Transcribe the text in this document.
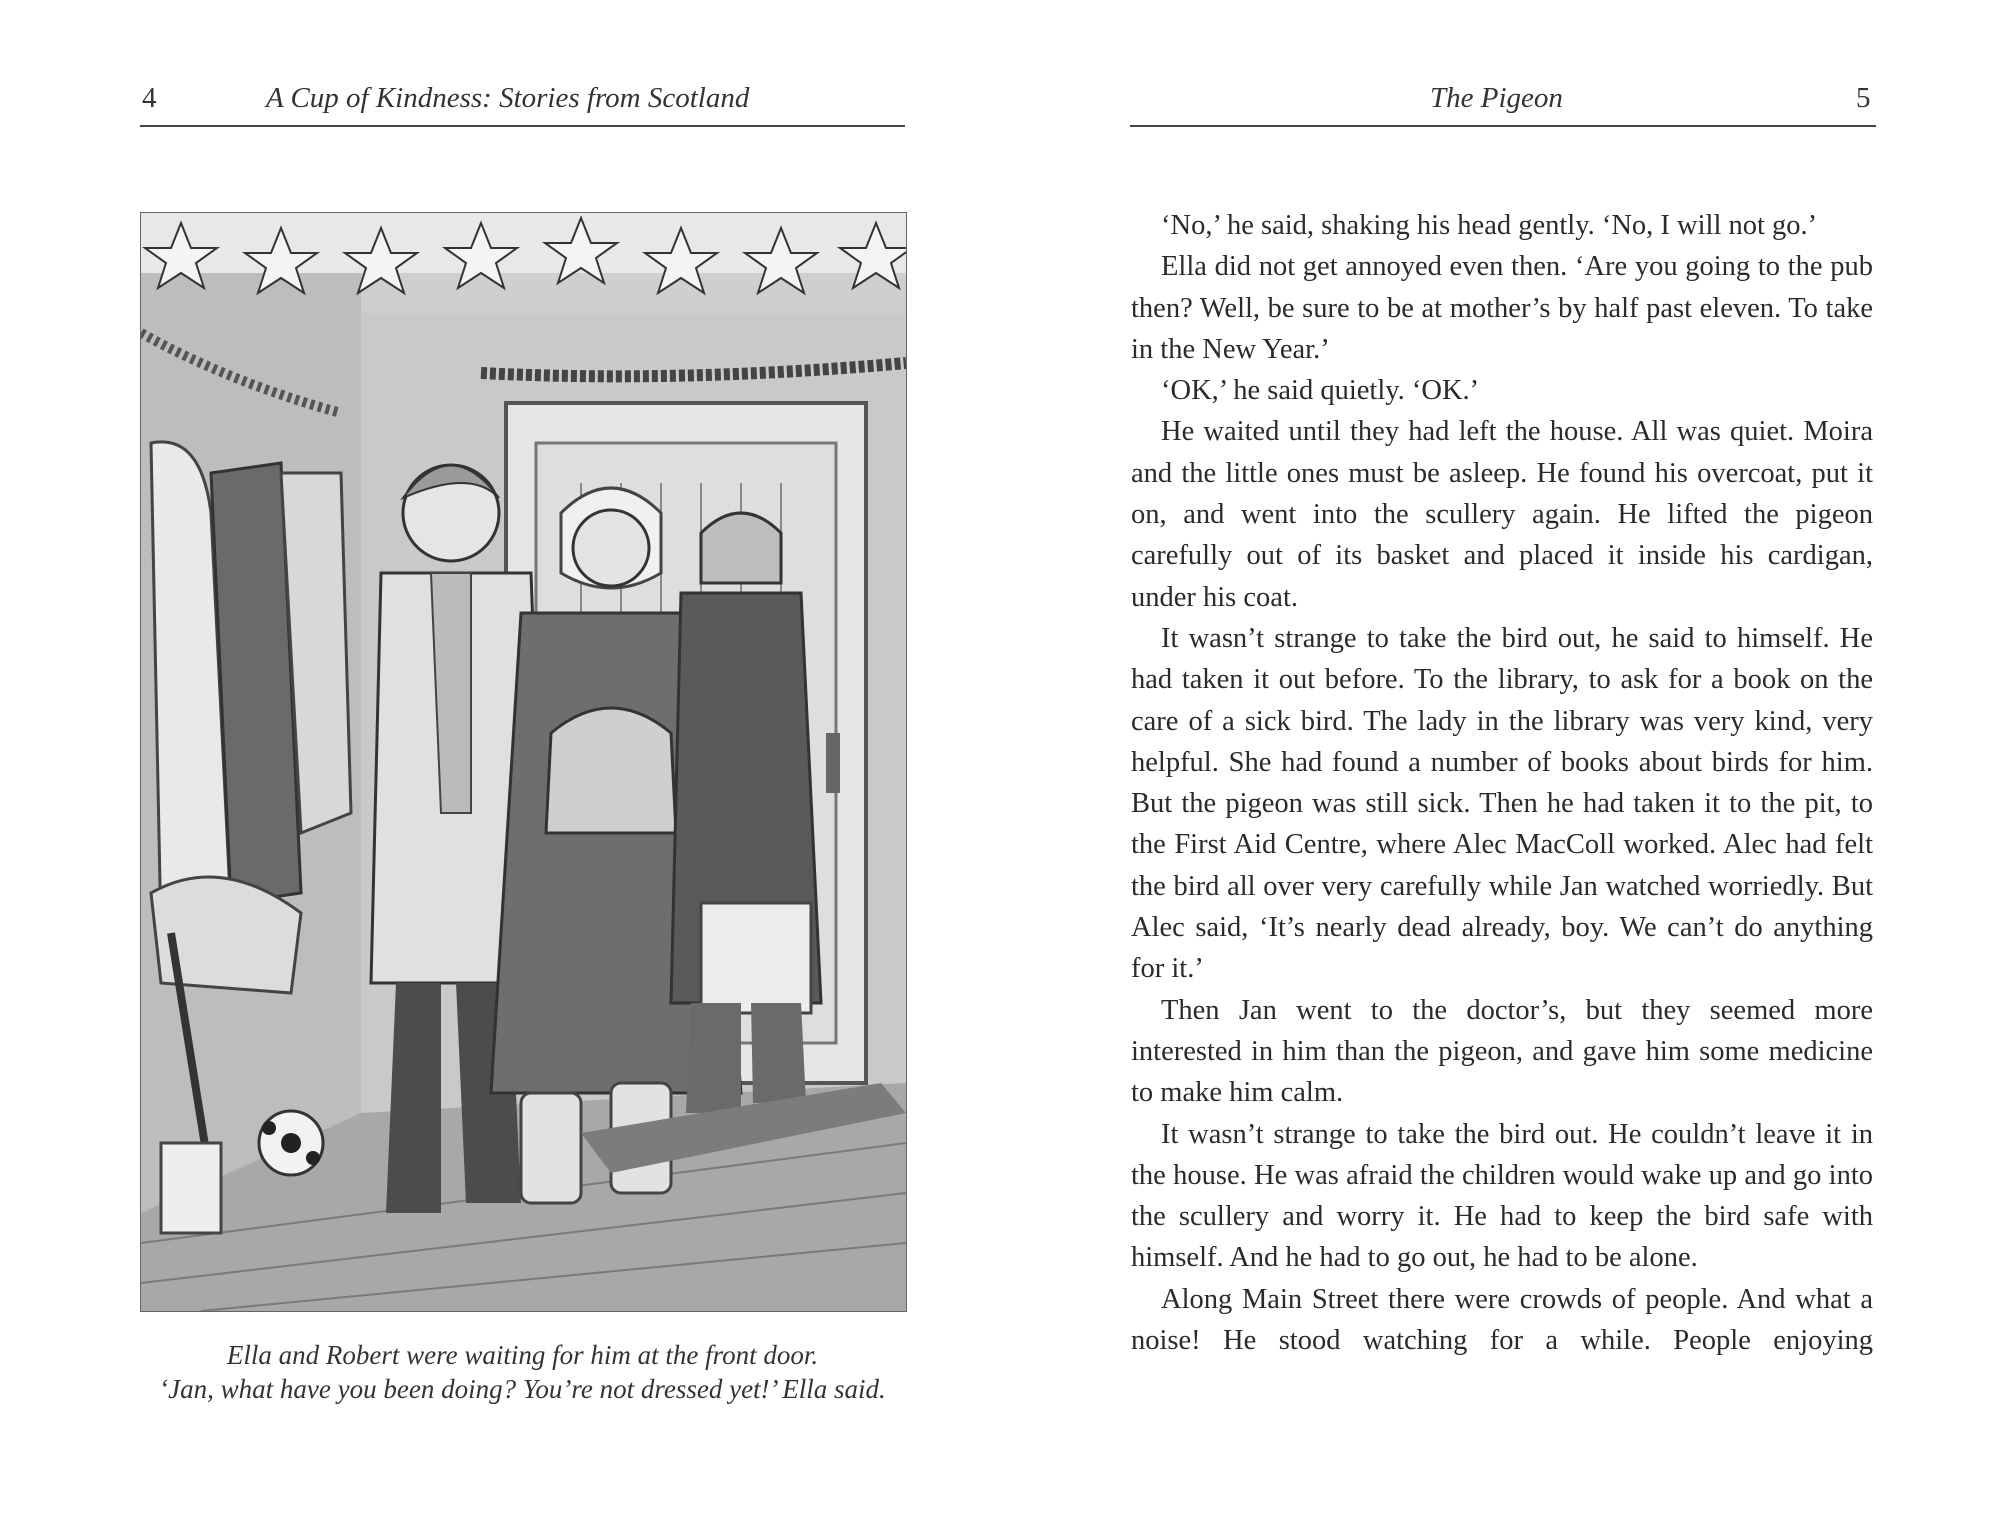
4	A Cup of Kindness: Stories from Scotland
Ella and Robert were waiting for him at the front door.
‘Jan, what have you been doing? You’re not dressed yet!’ Ella said.
The Pigeon	5

‘No,’ he said, shaking his head gently. ‘No, I will not go.’

Ella did not get annoyed even then. ‘Are you going to the pub then? Well, be sure to be at mother’s by half past eleven. To take in the New Year.’

‘OK,’ he said quietly. ‘OK.’

He waited until they had left the house. All was quiet. Moira and the little ones must be asleep. He found his overcoat, put it on, and went into the scullery again. He lifted the pigeon carefully out of its basket and placed it inside his cardigan, under his coat.

It wasn’t strange to take the bird out, he said to himself. He had taken it out before. To the library, to ask for a book on the care of a sick bird. The lady in the library was very kind, very helpful. She had found a number of books about birds for him. But the pigeon was still sick. Then he had taken it to the pit, to the First Aid Centre, where Alec MacColl worked. Alec had felt the bird all over very carefully while Jan watched worriedly. But Alec said, ‘It’s nearly dead already, boy. We can’t do anything for it.’

Then Jan went to the doctor’s, but they seemed more interested in him than the pigeon, and gave him some medicine to make him calm.

It wasn’t strange to take the bird out. He couldn’t leave it in the house. He was afraid the children would wake up and go into the scullery and worry it. He had to keep the bird safe with himself. And he had to go out, he had to be alone.

Along Main Street there were crowds of people. And what a noise! He stood watching for a while. People enjoying
